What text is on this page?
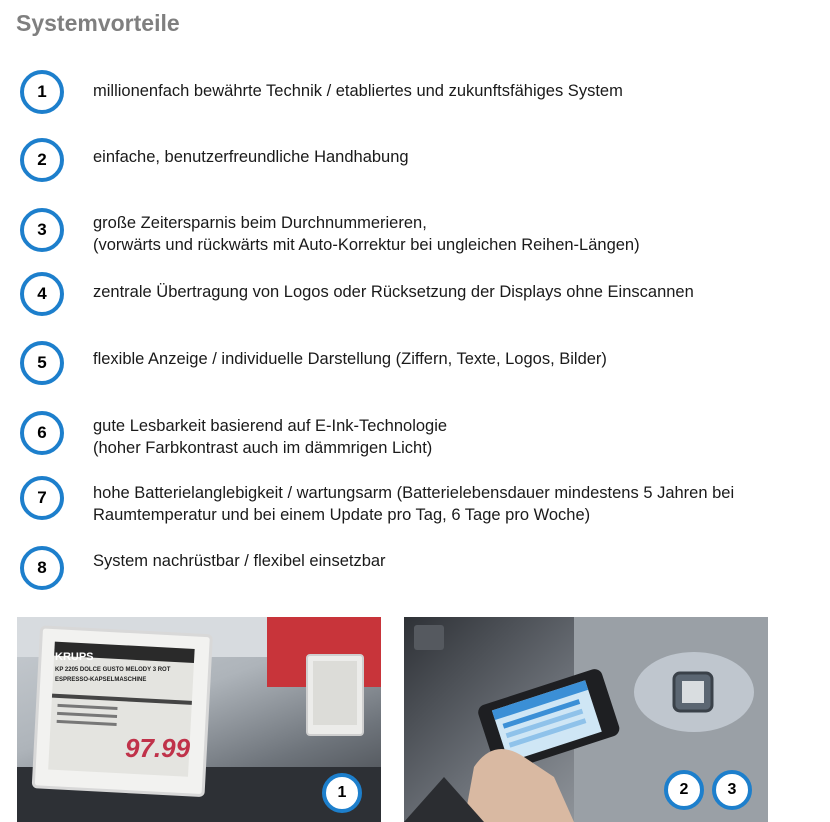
Systemvorteile
1	millionenfach bewährte Technik / etabliertes und zukunftsfähiges System
2	einfache, benutzerfreundliche Handhabung
3	große Zeitersparnis beim Durchnummerieren,
(vorwärts und rückwärts mit Auto-Korrektur bei ungleichen Reihen-Längen)
4	zentrale Übertragung von Logos oder Rücksetzung der Displays ohne Einscannen
5	flexible Anzeige / individuelle Darstellung (Ziffern, Texte, Logos, Bilder)
6	gute Lesbarkeit basierend auf E-Ink-Technologie
(hoher Farbkontrast auch im dämmrigen Licht)
7	hohe Batterielanglebigkeit / wartungsarm (Batterielebensdauer mindestens 5 Jahren bei
Raumtemperatur und bei einem Update pro Tag, 6 Tage pro Woche)
8	System nachrüstbar / flexibel einsetzbar
KRUPS
KP 2205 DOLCE GUSTO MELODY 3 ROT
ESPRESSO-KAPSELMASCHINE
97.99
1	2	3
